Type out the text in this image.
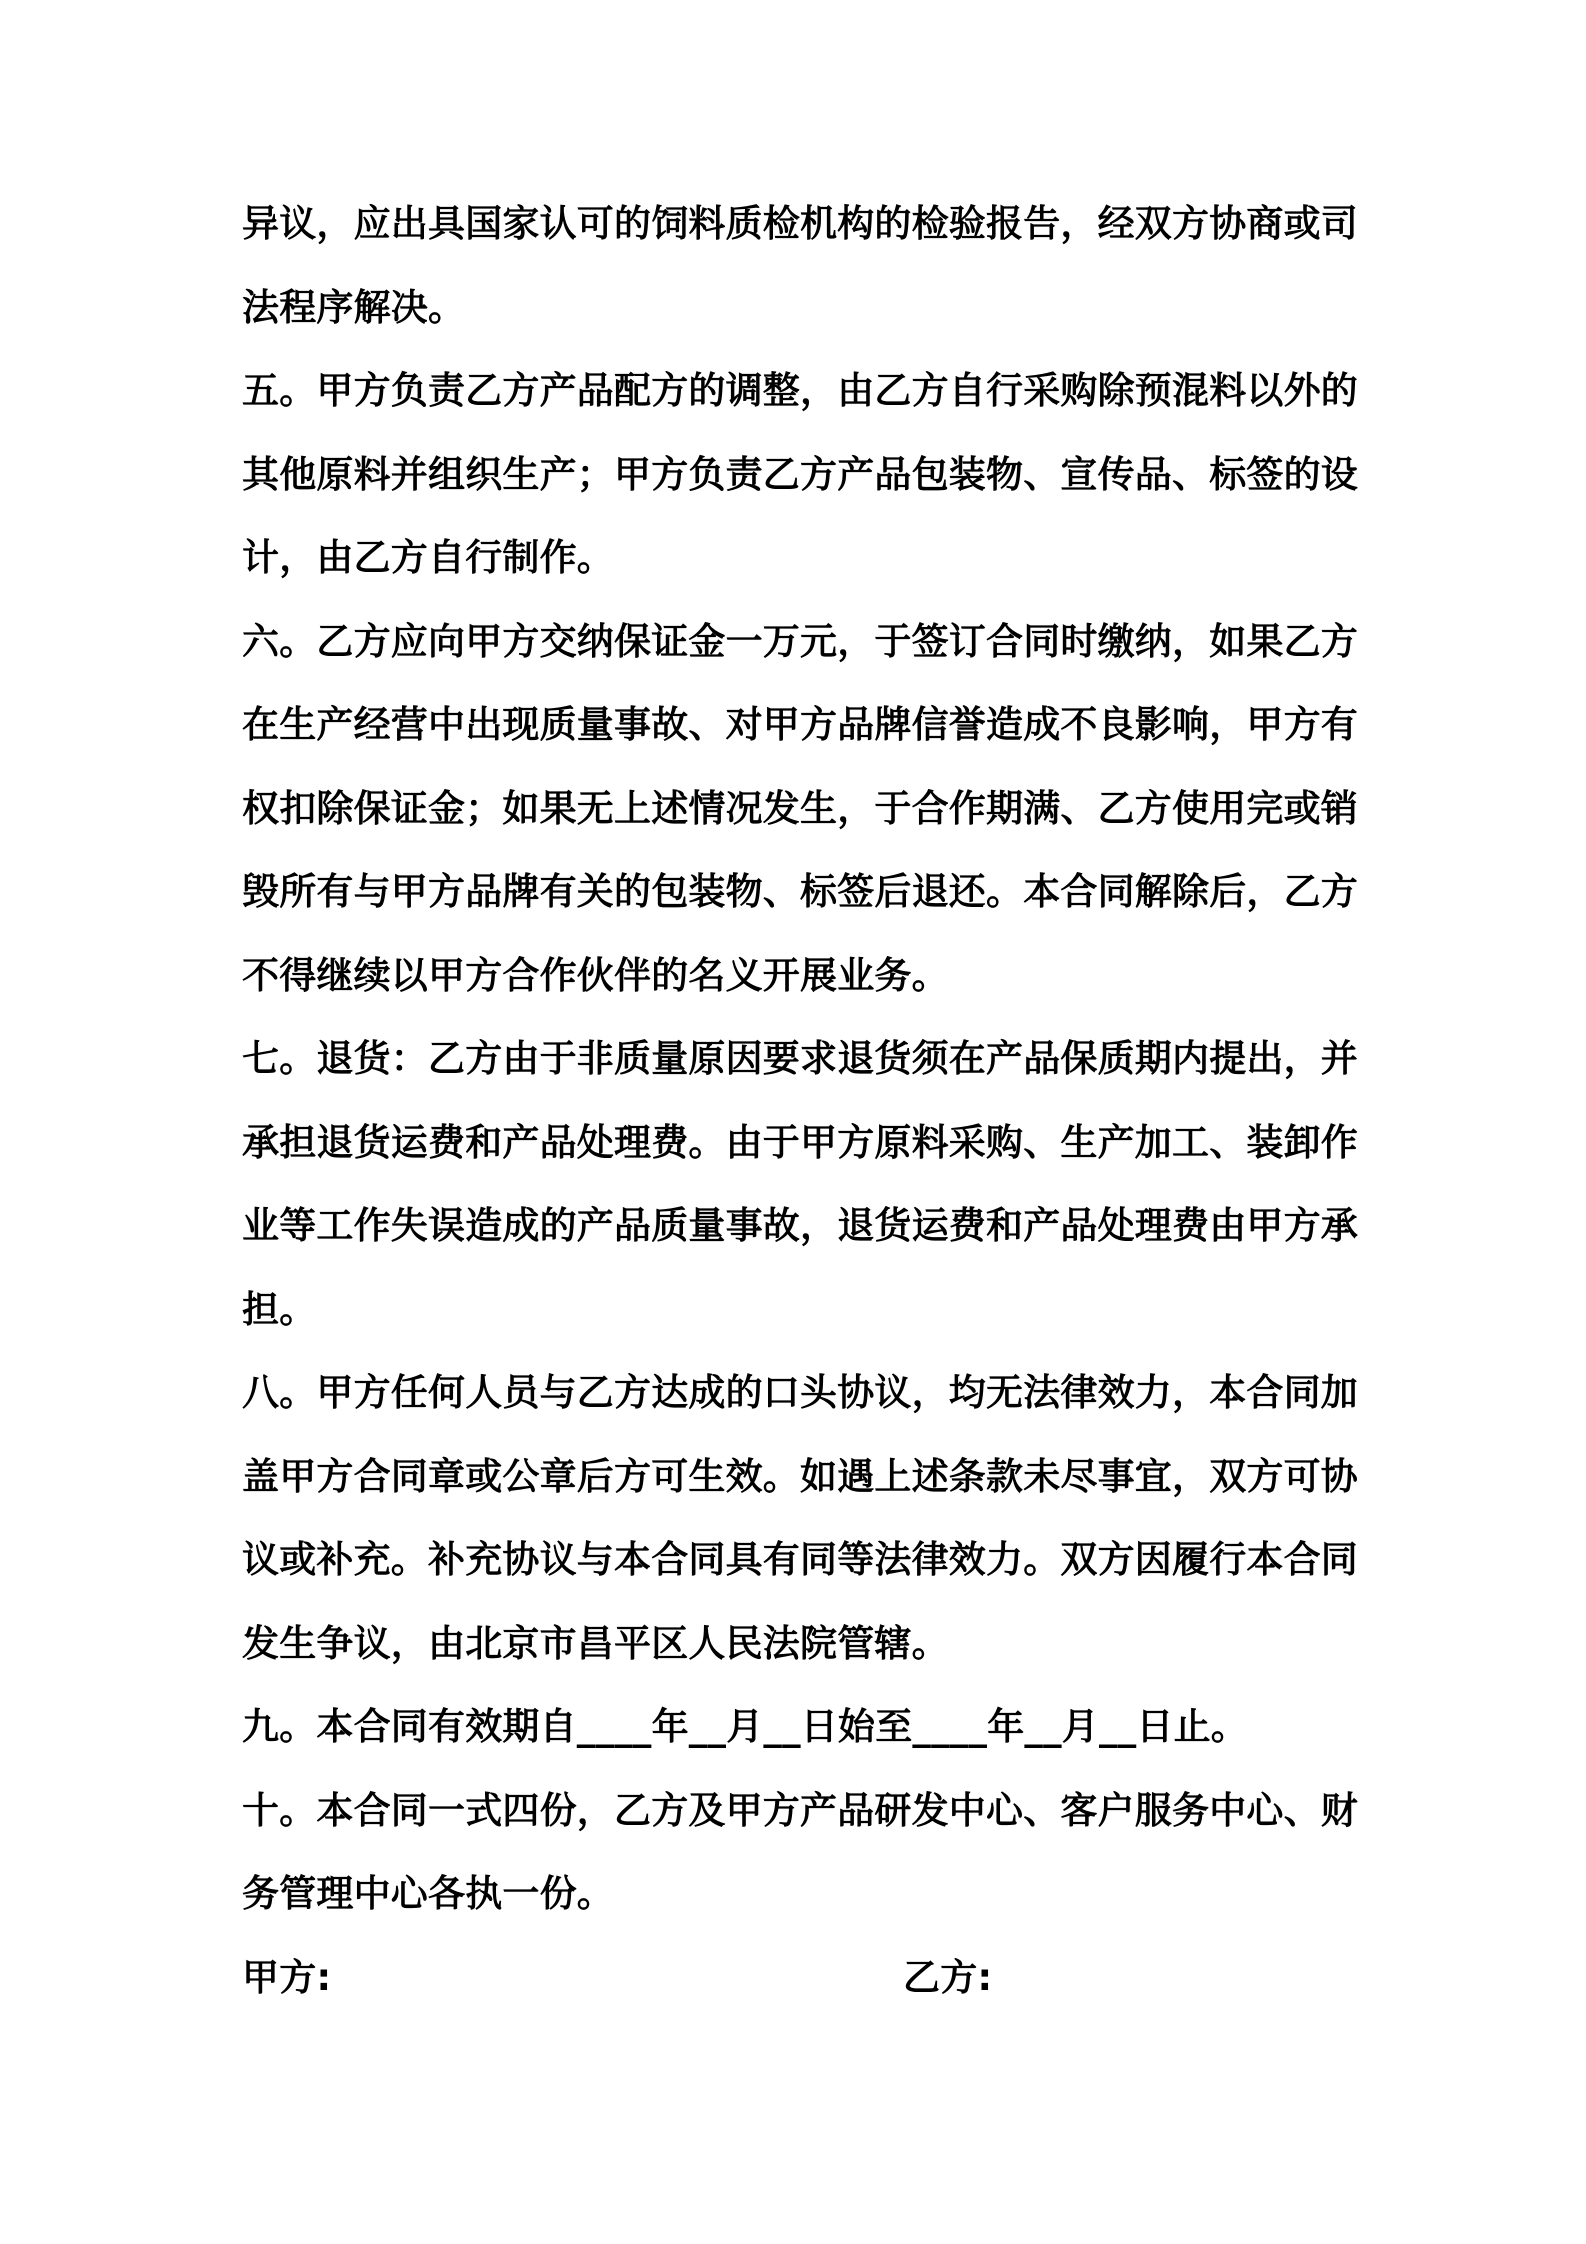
异议，应出具国家认可的饲料质检机构的检验报告，经双方协商或司
法程序解决。
五。甲方负责乙方产品配方的调整，由乙方自行采购除预混料以外的
其他原料并组织生产；甲方负责乙方产品包装物、宣传品、标签的设
计，由乙方自行制作。
六。乙方应向甲方交纳保证金一万元，于签订合同时缴纳，如果乙方
在生产经营中出现质量事故、对甲方品牌信誉造成不良影响，甲方有
权扣除保证金；如果无上述情况发生，于合作期满、乙方使用完或销
毁所有与甲方品牌有关的包装物、标签后退还。本合同解除后，乙方
不得继续以甲方合作伙伴的名义开展业务。
七。退货：乙方由于非质量原因要求退货须在产品保质期内提出，并
承担退货运费和产品处理费。由于甲方原料采购、生产加工、装卸作
业等工作失误造成的产品质量事故，退货运费和产品处理费由甲方承
担。
八。甲方任何人员与乙方达成的口头协议，均无法律效力，本合同加
盖甲方合同章或公章后方可生效。如遇上述条款未尽事宜，双方可协
议或补充。补充协议与本合同具有同等法律效力。双方因履行本合同
发生争议，由北京市昌平区人民法院管辖。
九。本合同有效期自____年__月__日始至____年__月__日止。
十。本合同一式四份，乙方及甲方产品研发中心、客户服务中心、财
务管理中心各执一份。
甲方:	乙方:
